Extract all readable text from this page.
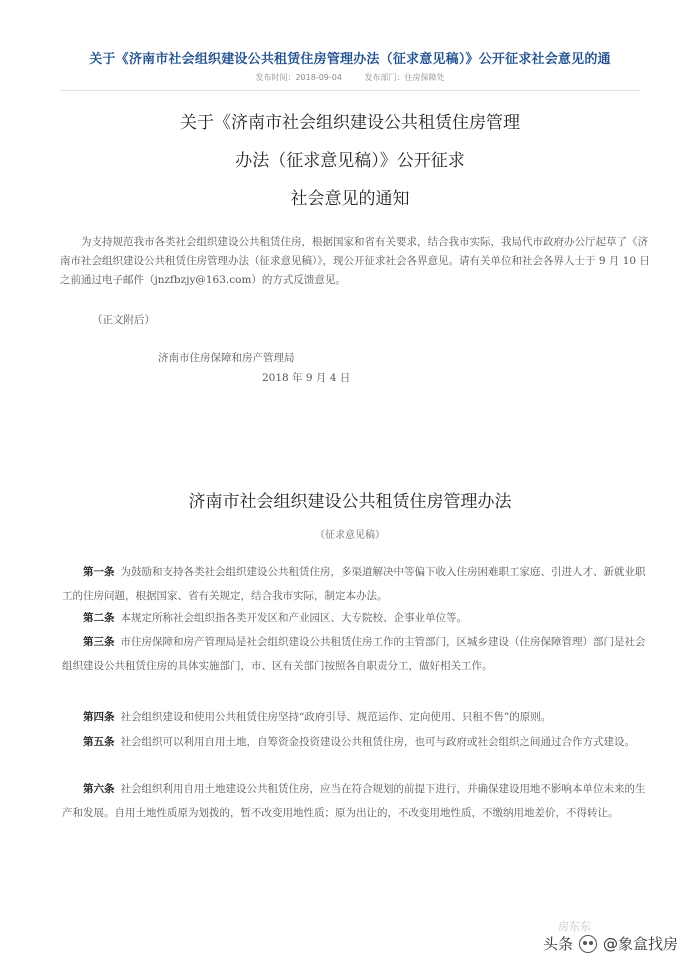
关于《济南市社会组织建设公共租赁住房管理办法（征求意见稿）》公开征求社会意见的通
发布时间：2018-09-04	发布部门：住房保障处
关于《济南市社会组织建设公共租赁住房管理
办法（征求意见稿）》公开征求
社会意见的通知
为支持规范我市各类社会组织建设公共租赁住房，根据国家和省有关要求，结合我市实际，我局代市政府办公厅起草了《济南市社会组织建设公共租赁住房管理办法（征求意见稿）》，现公开征求社会各界意见。请有关单位和社会各界人士于 9 月 10 日之前通过电子邮件（jnzfbzjy@163.com）的方式反馈意见。
（正文附后）
济南市住房保障和房产管理局
2018 年 9 月 4 日
济南市社会组织建设公共租赁住房管理办法
（征求意见稿）
第一条 为鼓励和支持各类社会组织建设公共租赁住房，多渠道解决中等偏下收入住房困难职工家庭、引进人才、新就业职工的住房问题，根据国家、省有关规定，结合我市实际，制定本办法。
第二条 本规定所称社会组织指各类开发区和产业园区、大专院校、企事业单位等。
第三条 市住房保障和房产管理局是社会组织建设公共租赁住房工作的主管部门，区城乡建设（住房保障管理）部门是社会组织建设公共租赁住房的具体实施部门，市、区有关部门按照各自职责分工，做好相关工作。
第四条 社会组织建设和使用公共租赁住房坚持“政府引导、规范运作、定向使用、只租不售”的原则。
第五条 社会组织可以利用自用土地，自筹资金投资建设公共租赁住房，也可与政府或社会组织之间通过合作方式建设。
第六条 社会组织利用自用土地建设公共租赁住房，应当在符合规划的前提下进行，并确保建设用地不影响本单位未来的生产和发展。自用土地性质原为划拨的，暂不改变用地性质；原为出让的，不改变用地性质，不缴纳用地差价，不得转让。
房东东
头条 @象盒找房
